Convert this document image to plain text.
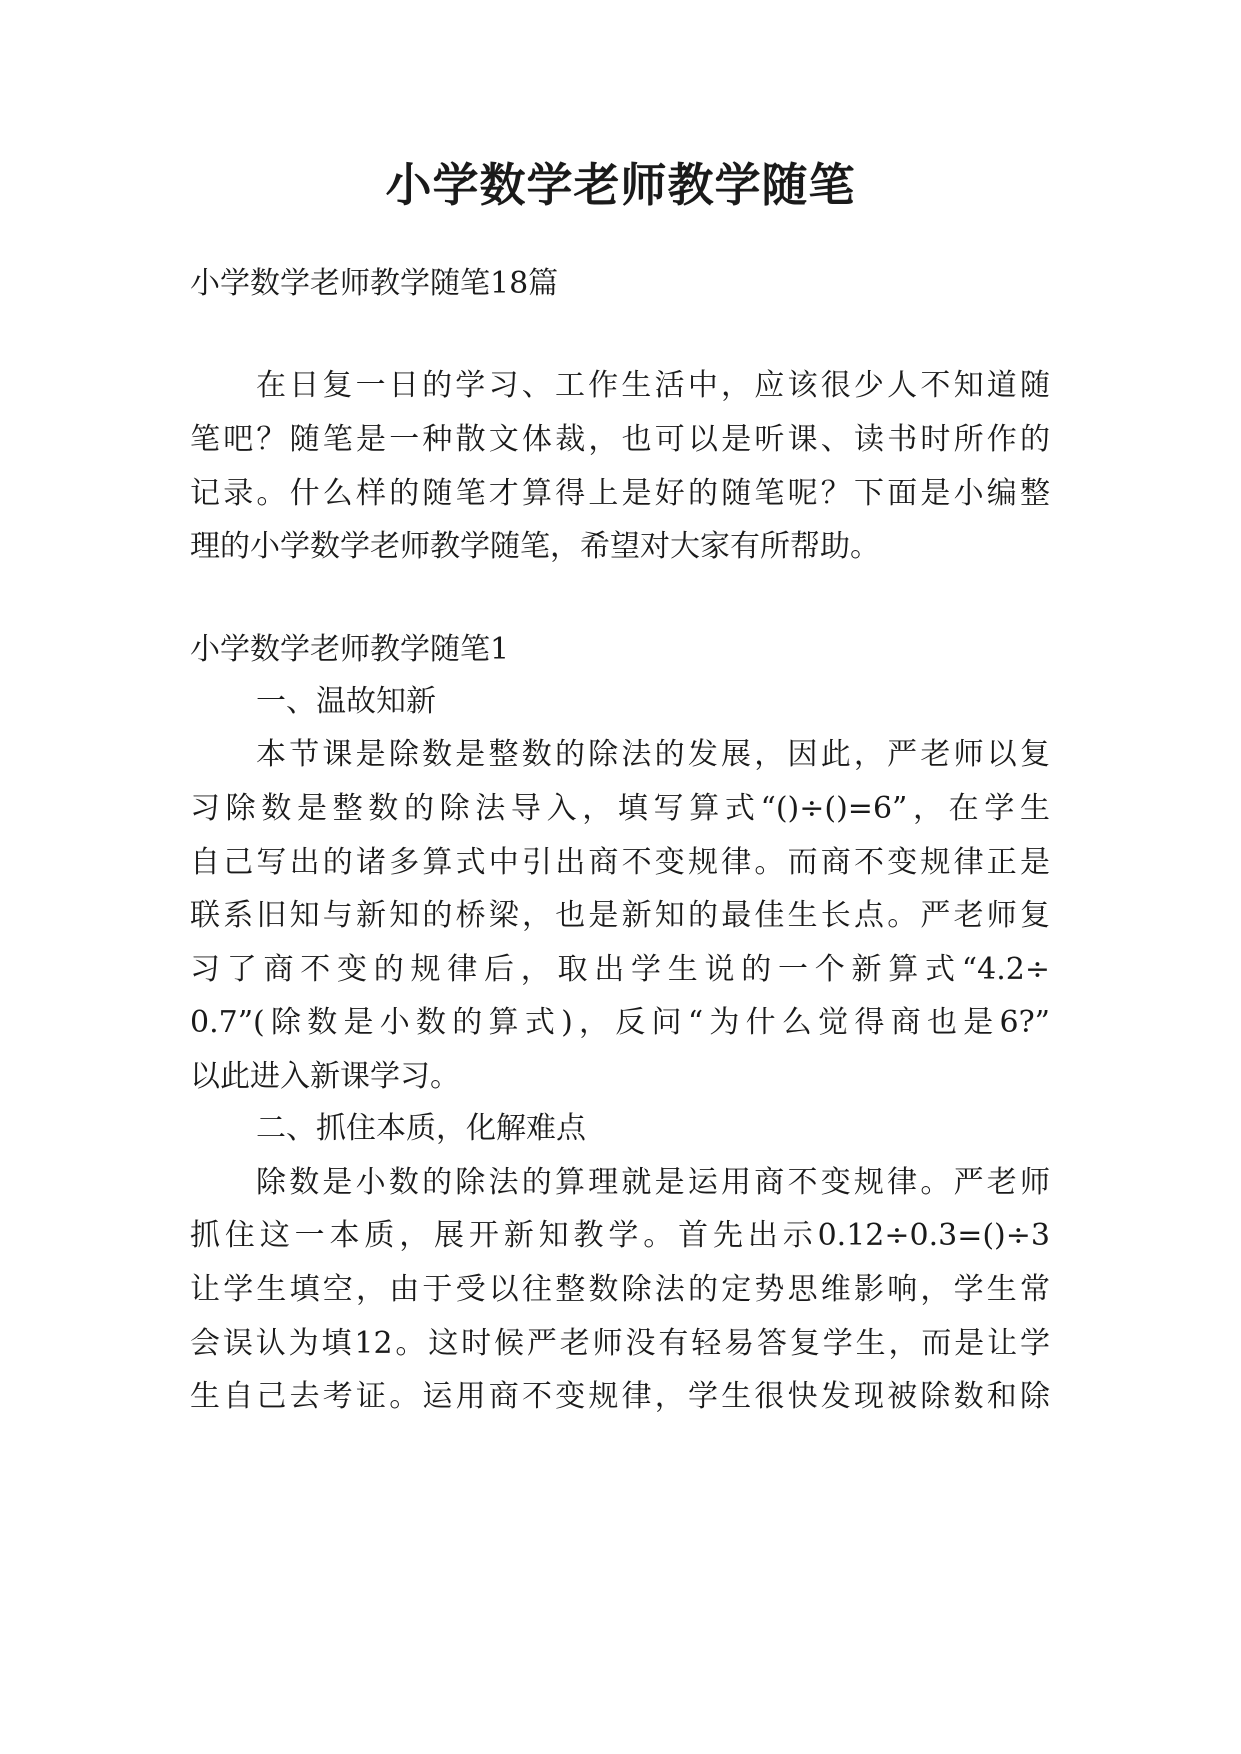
小学数学老师教学随笔

小学数学老师教学随笔18篇

在日复一日的学习、工作生活中，应该很少人不知道随

笔吧？随笔是一种散文体裁，也可以是听课、读书时所作的

记录。什么样的随笔才算得上是好的随笔呢？下面是小编整

理的小学数学老师教学随笔，希望对大家有所帮助。

小学数学老师教学随笔1

一、温故知新

本节课是除数是整数的除法的发展，因此，严老师以复

习除数是整数的除法导入，填写算式“()÷()=6”，在学生

自己写出的诸多算式中引出商不变规律。而商不变规律正是

联系旧知与新知的桥梁，也是新知的最佳生长点。严老师复

习了商不变的规律后，取出学生说的一个新算式“4.2÷

0.7”(除数是小数的算式)，反问“为什么觉得商也是6?”

以此进入新课学习。

二、抓住本质，化解难点

除数是小数的除法的算理就是运用商不变规律。严老师

抓住这一本质，展开新知教学。首先出示0.12÷0.3=()÷3

让学生填空，由于受以往整数除法的定势思维影响，学生常

会误认为填12。这时候严老师没有轻易答复学生，而是让学

生自己去考证。运用商不变规律，学生很快发现被除数和除
